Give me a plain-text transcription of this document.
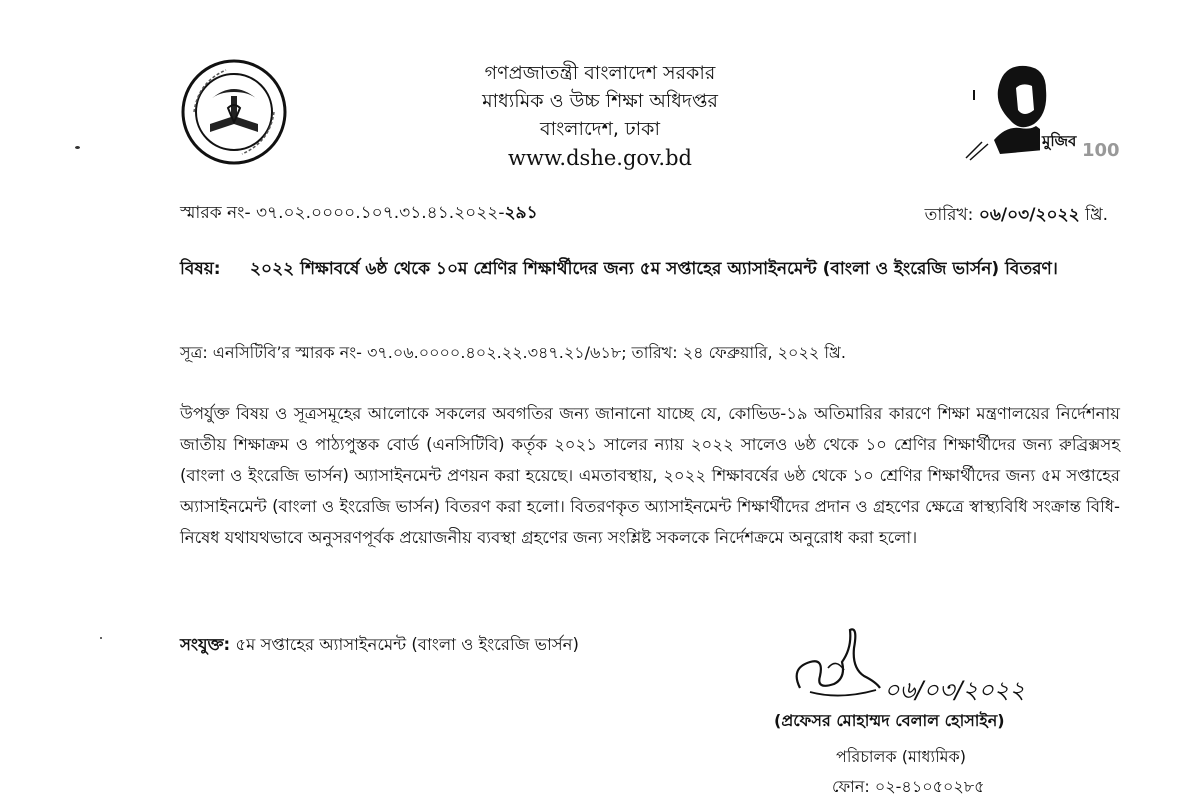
গণপ্রজাতন্ত্রী বাংলাদেশ সরকার
মাধ্যমিক ও উচ্চ শিক্ষা অধিদপ্তর
বাংলাদেশ, ঢাকা
www.dshe.gov.bd
মুজিব 100
স্মারক নং- ৩৭.০২.০০০০.১০৭.৩১.৪১.২০২২-২৯১	তারিখ: ০৬/০৩/২০২২ খ্রি.
বিষয়: ২০২২ শিক্ষাবর্ষে ৬ষ্ঠ থেকে ১০ম শ্রেণির শিক্ষার্থীদের জন্য ৫ম সপ্তাহের অ্যাসাইনমেন্ট (বাংলা ও ইংরেজি ভার্সন) বিতরণ।
সূত্র: এনসিটিবি’র স্মারক নং- ৩৭.০৬.০০০০.৪০২.২২.৩৪৭.২১/৬১৮; তারিখ: ২৪ ফেব্রুয়ারি, ২০২২ খ্রি.
উপর্যুক্ত বিষয় ও সূত্রসমূহের আলোকে সকলের অবগতির জন্য জানানো যাচ্ছে যে, কোভিড-১৯ অতিমারির কারণে শিক্ষা মন্ত্রণালয়ের নির্দেশনায় জাতীয় শিক্ষাক্রম ও পাঠ্যপুস্তক বোর্ড (এনসিটিবি) কর্তৃক ২০২১ সালের ন্যায় ২০২২ সালেও ৬ষ্ঠ থেকে ১০ শ্রেণির শিক্ষার্থীদের জন্য রুব্রিক্সসহ (বাংলা ও ইংরেজি ভার্সন) অ্যাসাইনমেন্ট প্রণয়ন করা হয়েছে। এমতাবস্থায়, ২০২২ শিক্ষাবর্ষের ৬ষ্ঠ থেকে ১০ শ্রেণির শিক্ষার্থীদের জন্য ৫ম সপ্তাহের অ্যাসাইনমেন্ট (বাংলা ও ইংরেজি ভার্সন) বিতরণ করা হলো। বিতরণকৃত অ্যাসাইনমেন্ট শিক্ষার্থীদের প্রদান ও গ্রহণের ক্ষেত্রে স্বাস্থ্যবিধি সংক্রান্ত বিধি-নিষেধ যথাযথভাবে অনুসরণপূর্বক প্রয়োজনীয় ব্যবস্থা গ্রহণের জন্য সংশ্লিষ্ট সকলকে নির্দেশক্রমে অনুরোধ করা হলো।
সংযুক্ত: ৫ম সপ্তাহের অ্যাসাইনমেন্ট (বাংলা ও ইংরেজি ভার্সন)
০৬/০৩/২০২২
(প্রফেসর মোহাম্মদ বেলাল হোসাইন)
পরিচালক (মাধ্যমিক)
ফোন: ০২-৪১০৫০২৮৫
